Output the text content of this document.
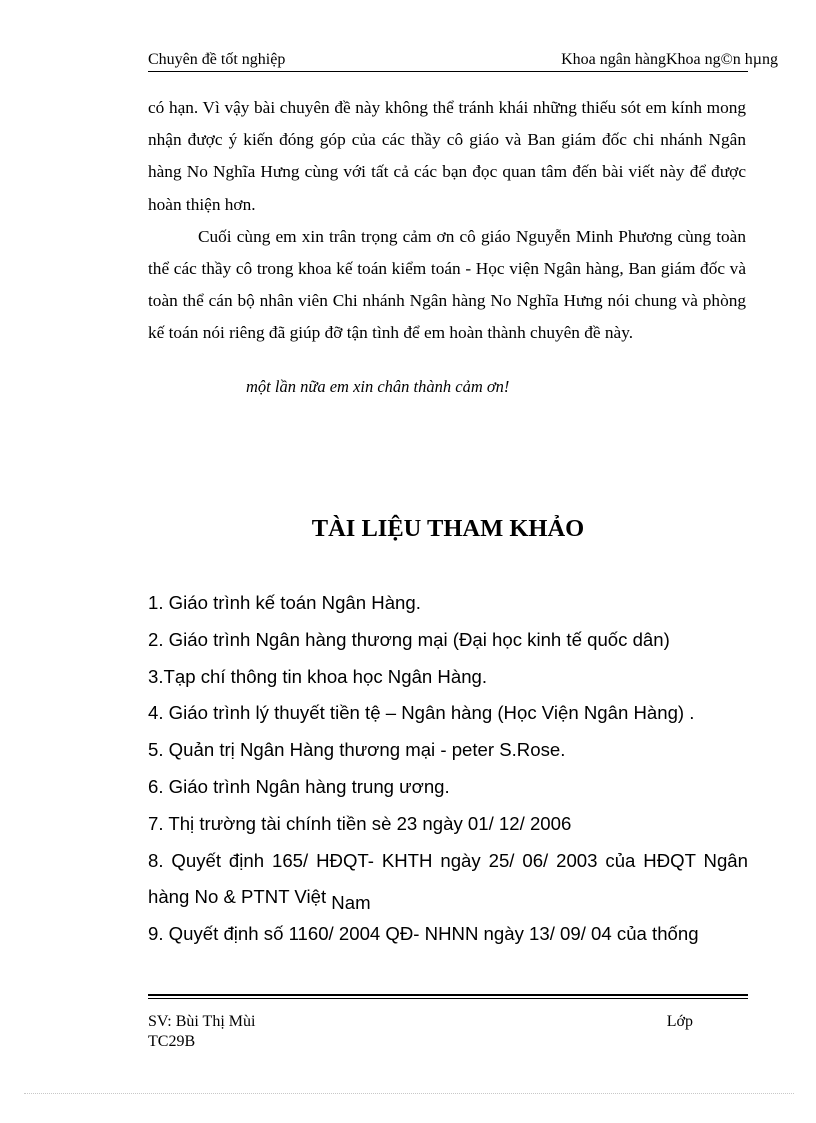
Chuyên đề tốt nghiệp	Khoa ngân hàngKhoa ng©n hµng

có hạn. Vì vậy bài chuyên đề này không thể tránh khái những thiếu sót em kính mong nhận được ý kiến đóng góp của các thầy cô giáo và Ban giám đốc chi nhánh Ngân hàng No Nghĩa Hưng cùng với tất cả các bạn đọc quan tâm đến bài viết này để được hoàn thiện hơn.

Cuối cùng em xin trân trọng cảm ơn cô giáo Nguyễn Minh Phương cùng toàn thể các thầy cô trong khoa kế toán kiểm toán - Học viện Ngân hàng, Ban giám đốc và toàn thể cán bộ nhân viên Chi nhánh Ngân hàng No Nghĩa Hưng nói chung và phòng kế toán nói riêng đã giúp đỡ tận tình để em hoàn thành chuyên đề này.

một lần nữa em xin chân thành cảm ơn!
TÀI LIỆU THAM KHẢO
1. Giáo trình kế toán Ngân Hàng.
2. Giáo trình Ngân hàng thương mại (Đại học kinh tế quốc dân)
3.Tạp chí thông tin khoa học Ngân Hàng.
4. Giáo trình lý thuyết tiền tệ – Ngân hàng (Học Viện Ngân Hàng) .
5. Quản trị Ngân Hàng thương mại - peter S.Rose.
6. Giáo trình Ngân hàng trung ương.
7. Thị trường tài chính tiền sè 23 ngày 01/ 12/ 2006
8. Quyết định 165/ HĐQT- KHTH ngày 25/ 06/ 2003 của HĐQT Ngân hàng No & PTNT Việt Nam
9. Quyết định số 1160/ 2004 QĐ- NHNN ngày 13/ 09/ 04 của thống
SV: Bùi Thị Mùi	Lớp
TC29B
